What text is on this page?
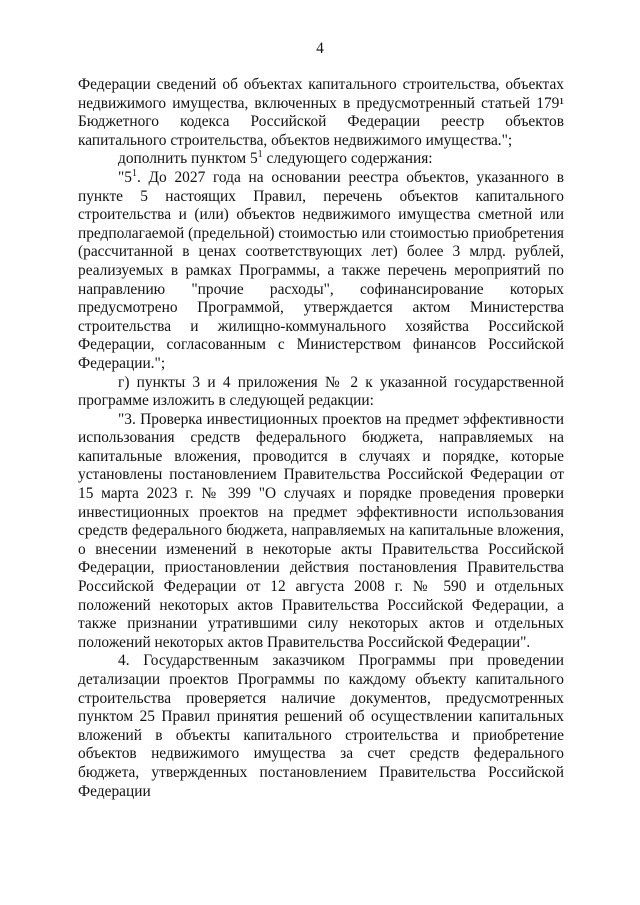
4

Федерации сведений об объектах капитального строительства, объектах недвижимого имущества, включенных в предусмотренный статьей 179¹ Бюджетного кодекса Российской Федерации реестр объектов капитального строительства, объектов недвижимого имущества.";

дополнить пунктом $5^1$ следующего содержания:

"$5^1$. До 2027 года на основании реестра объектов, указанного в пункте 5 настоящих Правил, перечень объектов капитального строительства и (или) объектов недвижимого имущества сметной или предполагаемой (предельной) стоимостью или стоимостью приобретения (рассчитанной в ценах соответствующих лет) более 3 млрд. рублей, реализуемых в рамках Программы, а также перечень мероприятий по направлению "прочие расходы", софинансирование которых предусмотрено Программой, утверждается актом Министерства строительства и жилищно-коммунального хозяйства Российской Федерации, согласованным с Министерством финансов Российской Федерации.";

г) пункты 3 и 4 приложения № 2 к указанной государственной программе изложить в следующей редакции:

"3. Проверка инвестиционных проектов на предмет эффективности использования средств федерального бюджета, направляемых на капитальные вложения, проводится в случаях и порядке, которые установлены постановлением Правительства Российской Федерации от 15 марта 2023 г. № 399 "О случаях и порядке проведения проверки инвестиционных проектов на предмет эффективности использования средств федерального бюджета, направляемых на капитальные вложения, о внесении изменений в некоторые акты Правительства Российской Федерации, приостановлении действия постановления Правительства Российской Федерации от 12 августа 2008 г. № 590 и отдельных положений некоторых актов Правительства Российской Федерации, а также признании утратившими силу некоторых актов и отдельных положений некоторых актов Правительства Российской Федерации".

4. Государственным заказчиком Программы при проведении детализации проектов Программы по каждому объекту капитального строительства проверяется наличие документов, предусмотренных пунктом 25 Правил принятия решений об осуществлении капитальных вложений в объекты капитального строительства и приобретение объектов недвижимого имущества за счет средств федерального бюджета, утвержденных постановлением Правительства Российской Федерации
